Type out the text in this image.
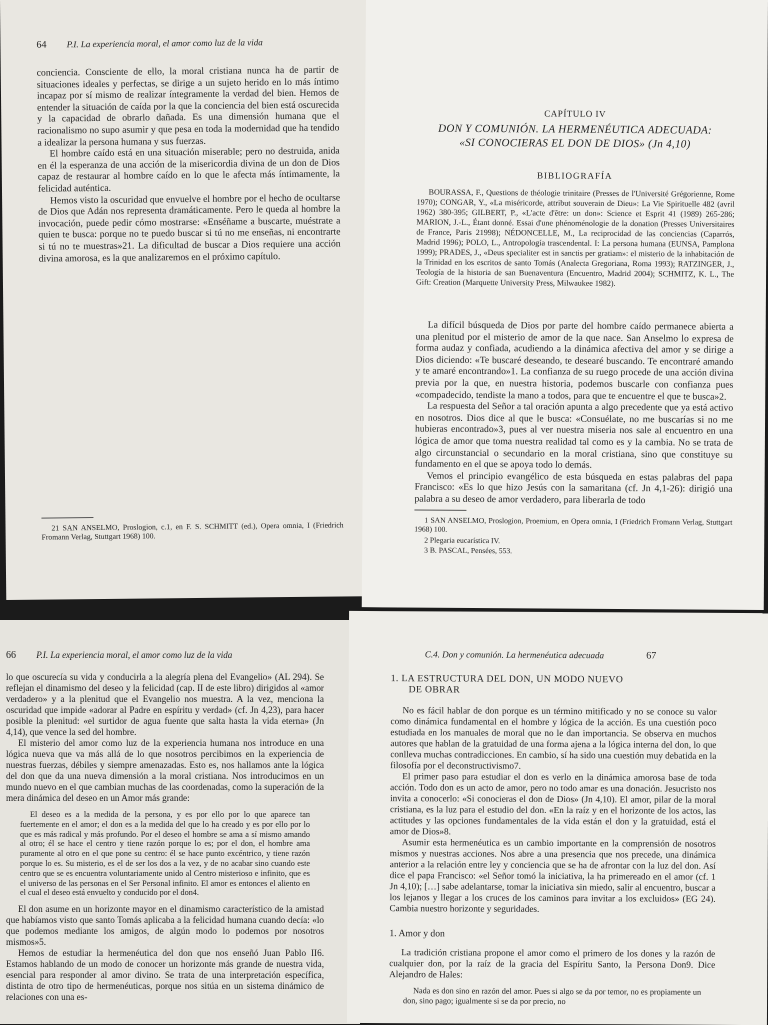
64 P.I. La experiencia moral, el amor como luz de la vida

conciencia. Consciente de ello, la moral cristiana nunca ha de partir de situaciones ideales y perfectas, se dirige a un sujeto herido en lo más íntimo incapaz por sí mismo de realizar íntegramente la verdad del bien. Hemos de entender la situación de caída por la que la conciencia del bien está oscurecida y la capacidad de obrarlo dañada. Es una dimensión humana que el racionalismo no supo asumir y que pesa en toda la modernidad que ha tendido a idealizar la persona humana y sus fuerzas.

El hombre caído está en una situación miserable; pero no destruida, anida en él la esperanza de una acción de la misericordia divina de un don de Dios capaz de restaurar al hombre caído en lo que le afecta más íntimamente, la felicidad auténtica.

Hemos visto la oscuridad que envuelve el hombre por el hecho de ocultarse de Dios que Adán nos representa dramáticamente. Pero le queda al hombre la invocación, puede pedir cómo mostrarse: «Enséñame a buscarte, muéstrate a quien te busca: porque no te puedo buscar si tú no me enseñas, ni encontrarte si tú no te muestras»21. La dificultad de buscar a Dios requiere una acción divina amorosa, es la que analizaremos en el próximo capítulo.

21 SAN ANSELMO, Proslogion, c.1, en F. S. SCHMITT (ed.), Opera omnia, I (Friedrich Fromann Verlag, Stuttgart 1968) 100.

CAPÍTULO IV
DON Y COMUNIÓN. LA HERMENÉUTICA ADECUADA:
«SI CONOCIERAS EL DON DE DIOS» (Jn 4,10)
BIBLIOGRAFÍA
BOURASSA, F., Questions de théologie trinitaire (Presses de l'Université Grégorienne, Rome 1970); CONGAR, Y., «La miséricorde, attribut souverain de Dieu»: La Vie Spirituelle 482 (avril 1962) 380-395; GILBERT, P., «L'acte d'être: un don»: Science et Esprit 41 (1989) 265-286; MARION, J.-L., Étant donné. Essai d'une phénoménologie de la donation (Presses Universitaires de France, Paris 21998); NÉDONCELLE, M., La reciprocidad de las conciencias (Caparrós, Madrid 1996); POLO, L., Antropología trascendental. I: La persona humana (EUNSA, Pamplona 1999); PRADES, J., «Deus specialiter est in sanctis per gratiam»: el misterio de la inhabitación de la Trinidad en los escritos de santo Tomás (Analecta Gregoriana, Roma 1993); RATZINGER, J., Teología de la historia de san Buenaventura (Encuentro, Madrid 2004); SCHMITZ, K. L., The Gift: Creation (Marquette University Press, Milwaukee 1982).

La difícil búsqueda de Dios por parte del hombre caído permanece abierta a una plenitud por el misterio de amor de la que nace. San Anselmo lo expresa de forma audaz y confiada, acudiendo a la dinámica afectiva del amor y se dirige a Dios diciendo: «Te buscaré deseando, te desearé buscando. Te encontraré amando y te amaré encontrando»1. La confianza de su ruego procede de una acción divina previa por la que, en nuestra historia, podemos buscarle con confianza pues «compadecido, tendiste la mano a todos, para que te encuentre el que te busca»2.

La respuesta del Señor a tal oración apunta a algo precedente que ya está activo en nosotros. Dios dice al que le busca: «Consuélate, no me buscarías si no me hubieras encontrado»3, pues al ver nuestra miseria nos sale al encuentro en una lógica de amor que toma nuestra realidad tal como es y la cambia. No se trata de algo circunstancial o secundario en la moral cristiana, sino que constituye su fundamento en el que se apoya todo lo demás.

Vemos el principio evangélico de esta búsqueda en estas palabras del papa Francisco: «Es lo que hizo Jesús con la samaritana (cf. Jn 4,1-26): dirigió una palabra a su deseo de amor verdadero, para liberarla de todo

1 SAN ANSELMO, Proslogion, Proemium, en Opera omnia, I (Friedrich Fromann Verlag, Stuttgart 1968) 100.

2 Plegaria eucarística IV.

3 B. PASCAL, Pensées, 553.

66 P.I. La experiencia moral, el amor como luz de la vida

lo que oscurecía su vida y conducirla a la alegría plena del Evangelio» (AL 294). Se reflejan el dinamismo del deseo y la felicidad (cap. II de este libro) dirigidos al «amor verdadero» y a la plenitud que el Evangelio nos muestra. A la vez, menciona la oscuridad que impide «adorar al Padre en espíritu y verdad» (cf. Jn 4,23), para hacer posible la plenitud: «el surtidor de agua fuente que salta hasta la vida eterna» (Jn 4,14), que vence la sed del hombre.

El misterio del amor como luz de la experiencia humana nos introduce en una lógica nueva que va más allá de lo que nosotros percibimos en la experiencia de nuestras fuerzas, débiles y siempre amenazadas. Esto es, nos hallamos ante la lógica del don que da una nueva dimensión a la moral cristiana. Nos introducimos en un mundo nuevo en el que cambian muchas de las coordenadas, como la superación de la mera dinámica del deseo en un Amor más grande:

El deseo es a la medida de la persona, y es por ello por lo que aparece tan fuertemente en el amor; el don es a la medida del que lo ha creado y es por ello por lo que es más radical y más profundo. Por el deseo el hombre se ama a sí mismo amando al otro; él se hace el centro y tiene razón porque lo es; por el don, el hombre ama puramente al otro en el que pone su centro: él se hace punto excéntrico, y tiene razón porque lo es. Su misterio, es el de ser los dos a la vez, y de no acabar sino cuando este centro que se es encuentra voluntariamente unido al Centro misterioso e infinito, que es el universo de las personas en el Ser Personal infinito. El amor es entonces el aliento en el cual el deseo está envuelto y conducido por el don4.

El don asume en un horizonte mayor en el dinamismo característico de la amistad que habíamos visto que santo Tomás aplicaba a la felicidad humana cuando decía: «lo que podemos mediante los amigos, de algún modo lo podemos por nosotros mismos»5.

Hemos de estudiar la hermenéutica del don que nos enseñó Juan Pablo II6. Estamos hablando de un modo de conocer un horizonte más grande de nuestra vida, esencial para responder al amor divino. Se trata de una interpretación específica, distinta de otro tipo de hermenéuticas, porque nos sitúa en un sistema dinámico de relaciones con una es-

C.4. Don y comunión. La hermenéutica adecuada	67

1. LA ESTRUCTURA DEL DON, UN MODO NUEVO

DE OBRAR

No es fácil hablar de don porque es un término mitificado y no se conoce su valor como dinámica fundamental en el hombre y lógica de la acción. Es una cuestión poco estudiada en los manuales de moral que no le dan importancia. Se observa en muchos autores que hablan de la gratuidad de una forma ajena a la lógica interna del don, lo que conlleva muchas contradicciones. En cambio, sí ha sido una cuestión muy debatida en la filosofía por el deconstructivismo7.

El primer paso para estudiar el don es verlo en la dinámica amorosa base de toda acción. Todo don es un acto de amor, pero no todo amar es una donación. Jesucristo nos invita a conocerlo: «Si conocieras el don de Dios» (Jn 4,10). El amor, pilar de la moral cristiana, es la luz para el estudio del don. «En la raíz y en el horizonte de los actos, las actitudes y las opciones fundamentales de la vida están el don y la gratuidad, está el amor de Dios»8.

Asumir esta hermenéutica es un cambio importante en la comprensión de nosotros mismos y nuestras acciones. Nos abre a una presencia que nos precede, una dinámica anterior a la relación entre ley y conciencia que se ha de afrontar con la luz del don. Así dice el papa Francisco: «el Señor tomó la iniciativa, la ha primereado en el amor (cf. 1 Jn 4,10); […] sabe adelantarse, tomar la iniciativa sin miedo, salir al encuentro, buscar a los lejanos y llegar a los cruces de los caminos para invitar a los excluidos» (EG 24). Cambia nuestro horizonte y seguridades.

1. Amor y don

La tradición cristiana propone el amor como el primero de los dones y la razón de cualquier don, por la raíz de la gracia del Espíritu Santo, la Persona Don9. Dice Alejandro de Hales:

Nada es don sino en razón del amor. Pues si algo se da por temor, no es propiamente un don, sino pago; igualmente si se da por precio, no
